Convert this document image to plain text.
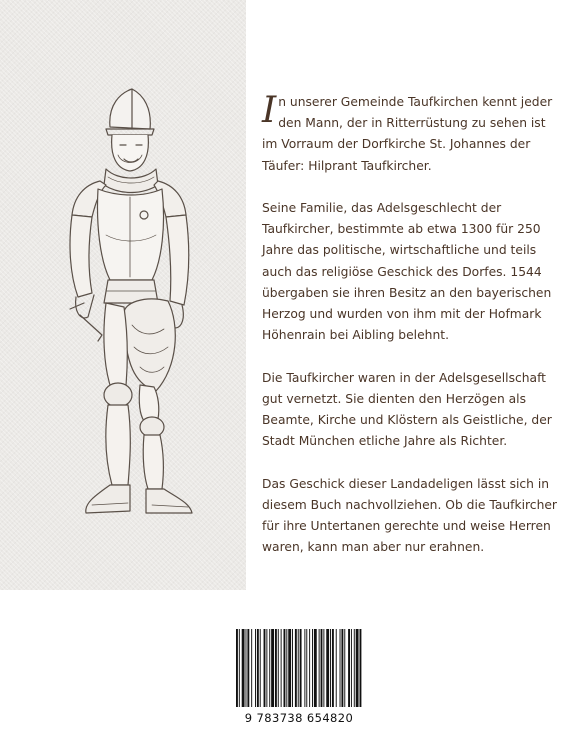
In unserer Gemeinde Taufkirchen kennt jeder den Mann, der in Ritterrüstung zu sehen ist im Vorraum der Dorfkirche St. Johannes der Täufer: Hilprant Taufkircher.

Seine Familie, das Adelsgeschlecht der Taufkircher, bestimmte ab etwa 1300 für 250 Jahre das politische, wirtschaftliche und teils auch das religiöse Geschick des Dorfes. 1544 übergaben sie ihren Besitz an den bayerischen Herzog und wurden von ihm mit der Hofmark Höhenrain bei Aibling belehnt.

Die Taufkircher waren in der Adelsgesellschaft gut vernetzt. Sie dienten den Herzögen als Beamte, Kirche und Klöstern als Geistliche, der Stadt München etliche Jahre als Richter.

Das Geschick dieser Landadeligen lässt sich in diesem Buch nachvollziehen. Ob die Taufkircher für ihre Untertanen gerechte und weise Herren waren, kann man aber nur erahnen.

9 783738 654820
